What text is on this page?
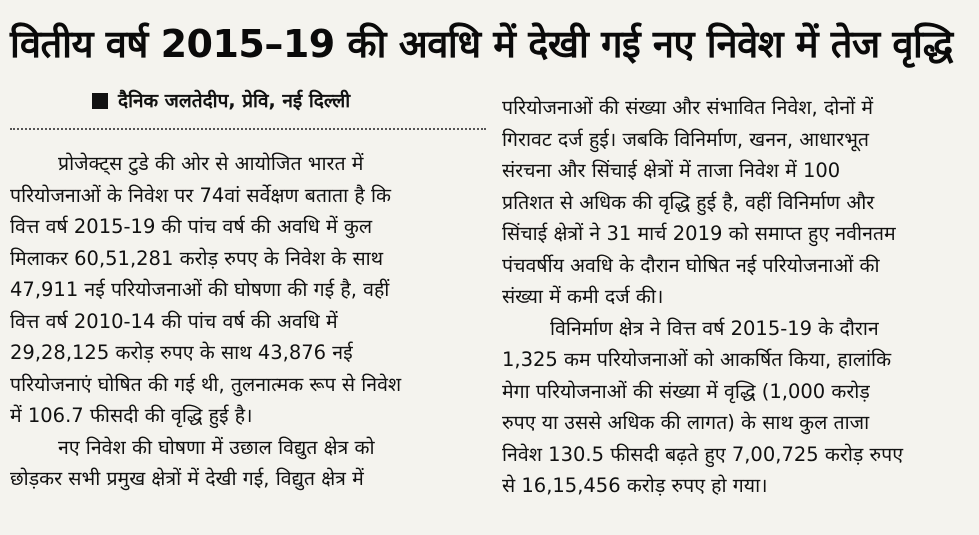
वितीय वर्ष 2015–19 की अवधि में देखी गई नए निवेश में तेज वृद्धि
दैनिक जलतेदीप, प्रेवि, नई दिल्ली
प्रोजेक्ट्स टुडे की ओर से आयोजित भारत में
परियोजनाओं के निवेश पर 74वां सर्वेक्षण बताता है कि
वित्त वर्ष 2015-19 की पांच वर्ष की अवधि में कुल
मिलाकर 60,51,281 करोड़ रुपए के निवेश के साथ
47,911 नई परियोजनाओं की घोषणा की गई है, वहीं
वित्त वर्ष 2010-14 की पांच वर्ष की अवधि में
29,28,125 करोड़ रुपए के साथ 43,876 नई
परियोजनाएं घोषित की गई थी, तुलनात्मक रूप से निवेश
में 106.7 फीसदी की वृद्धि हुई है।
नए निवेश की घोषणा में उछाल विद्युत क्षेत्र को
छोड़कर सभी प्रमुख क्षेत्रों में देखी गई, विद्युत क्षेत्र में
परियोजनाओं की संख्या और संभावित निवेश, दोनों में
गिरावट दर्ज हुई। जबकि विनिर्माण, खनन, आधारभूत
संरचना और सिंचाई क्षेत्रों में ताजा निवेश में 100
प्रतिशत से अधिक की वृद्धि हुई है, वहीं विनिर्माण और
सिंचाई क्षेत्रों ने 31 मार्च 2019 को समाप्त हुए नवीनतम
पंचवर्षीय अवधि के दौरान घोषित नई परियोजनाओं की
संख्या में कमी दर्ज की।
विनिर्माण क्षेत्र ने वित्त वर्ष 2015-19 के दौरान
1,325 कम परियोजनाओं को आकर्षित किया, हालांकि
मेगा परियोजनाओं की संख्या में वृद्धि (1,000 करोड़
रुपए या उससे अधिक की लागत) के साथ कुल ताजा
निवेश 130.5 फीसदी बढ़ते हुए 7,00,725 करोड़ रुपए
से 16,15,456 करोड़ रुपए हो गया।
